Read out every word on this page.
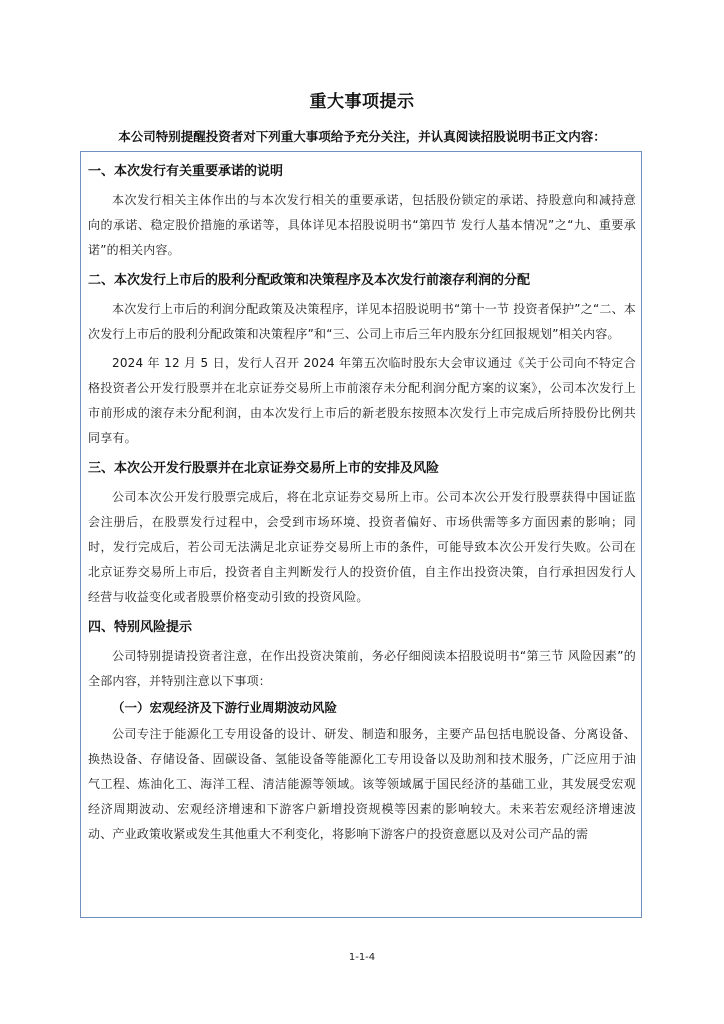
重大事项提示
本公司特别提醒投资者对下列重大事项给予充分关注，并认真阅读招股说明书正文内容：
一、本次发行有关重要承诺的说明

本次发行相关主体作出的与本次发行相关的重要承诺，包括股份锁定的承诺、持股意向和减持意向的承诺、稳定股价措施的承诺等，具体详见本招股说明书“第四节 发行人基本情况”之“九、重要承诺”的相关内容。

二、本次发行上市后的股利分配政策和决策程序及本次发行前滚存利润的分配

本次发行上市后的利润分配政策及决策程序，详见本招股说明书“第十一节 投资者保护”之“二、本次发行上市后的股利分配政策和决策程序”和“三、公司上市后三年内股东分红回报规划”相关内容。

2024 年 12 月 5 日，发行人召开 2024 年第五次临时股东大会审议通过《关于公司向不特定合格投资者公开发行股票并在北京证券交易所上市前滚存未分配利润分配方案的议案》，公司本次发行上市前形成的滚存未分配利润，由本次发行上市后的新老股东按照本次发行上市完成后所持股份比例共同享有。

三、本次公开发行股票并在北京证券交易所上市的安排及风险

公司本次公开发行股票完成后，将在北京证券交易所上市。公司本次公开发行股票获得中国证监会注册后，在股票发行过程中，会受到市场环境、投资者偏好、市场供需等多方面因素的影响；同时，发行完成后，若公司无法满足北京证券交易所上市的条件，可能导致本次公开发行失败。公司在北京证券交易所上市后，投资者自主判断发行人的投资价值，自主作出投资决策，自行承担因发行人经营与收益变化或者股票价格变动引致的投资风险。

四、特别风险提示

公司特别提请投资者注意，在作出投资决策前，务必仔细阅读本招股说明书“第三节 风险因素”的全部内容，并特别注意以下事项：

（一）宏观经济及下游行业周期波动风险

公司专注于能源化工专用设备的设计、研发、制造和服务，主要产品包括电脱设备、分离设备、换热设备、存储设备、固碳设备、氢能设备等能源化工专用设备以及助剂和技术服务，广泛应用于油气工程、炼油化工、海洋工程、清洁能源等领域。该等领域属于国民经济的基础工业，其发展受宏观经济周期波动、宏观经济增速和下游客户新增投资规模等因素的影响较大。未来若宏观经济增速波动、产业政策收紧或发生其他重大不利变化，将影响下游客户的投资意愿以及对公司产品的需

1-1-4
